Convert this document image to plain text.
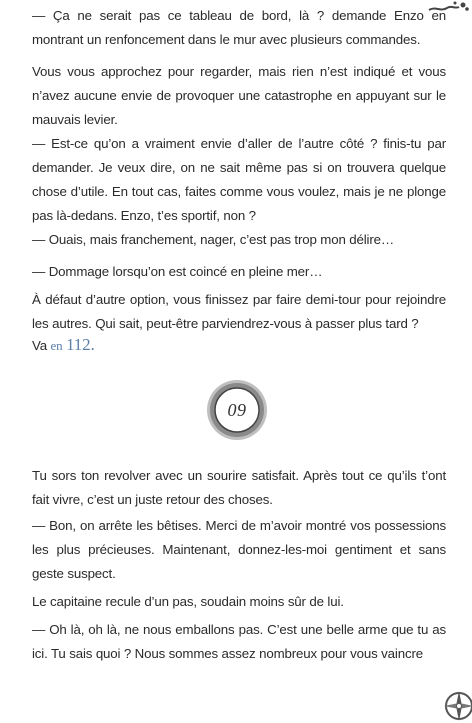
— Ça ne serait pas ce tableau de bord, là ? demande Enzo en montrant un renfoncement dans le mur avec plusieurs commandes.

Vous vous approchez pour regarder, mais rien n’est indiqué et vous n’avez aucune envie de provoquer une catastrophe en appuyant sur le mauvais levier.

— Est-ce qu’on a vraiment envie d’aller de l’autre côté ? finis-tu par demander. Je veux dire, on ne sait même pas si on trouvera quelque chose d’utile. En tout cas, faites comme vous voulez, mais je ne plonge pas là-dedans. Enzo, t’es sportif, non ?

— Ouais, mais franchement, nager, c’est pas trop mon délire…

— Dommage lorsqu’on est coincé en pleine mer…

À défaut d’autre option, vous finissez par faire demi-tour pour rejoindre les autres. Qui sait, peut-être parviendrez-vous à passer plus tard ?

Va en 112.

09

Tu sors ton revolver avec un sourire satisfait. Après tout ce qu’ils t’ont fait vivre, c’est un juste retour des choses.

— Bon, on arrête les bêtises. Merci de m’avoir montré vos possessions les plus précieuses. Maintenant, donnez-les-moi gentiment et sans geste suspect.

Le capitaine recule d’un pas, soudain moins sûr de lui.

— Oh là, oh là, ne nous emballons pas. C’est une belle arme que tu as ici. Tu sais quoi ? Nous sommes assez nombreux pour vous vaincre
